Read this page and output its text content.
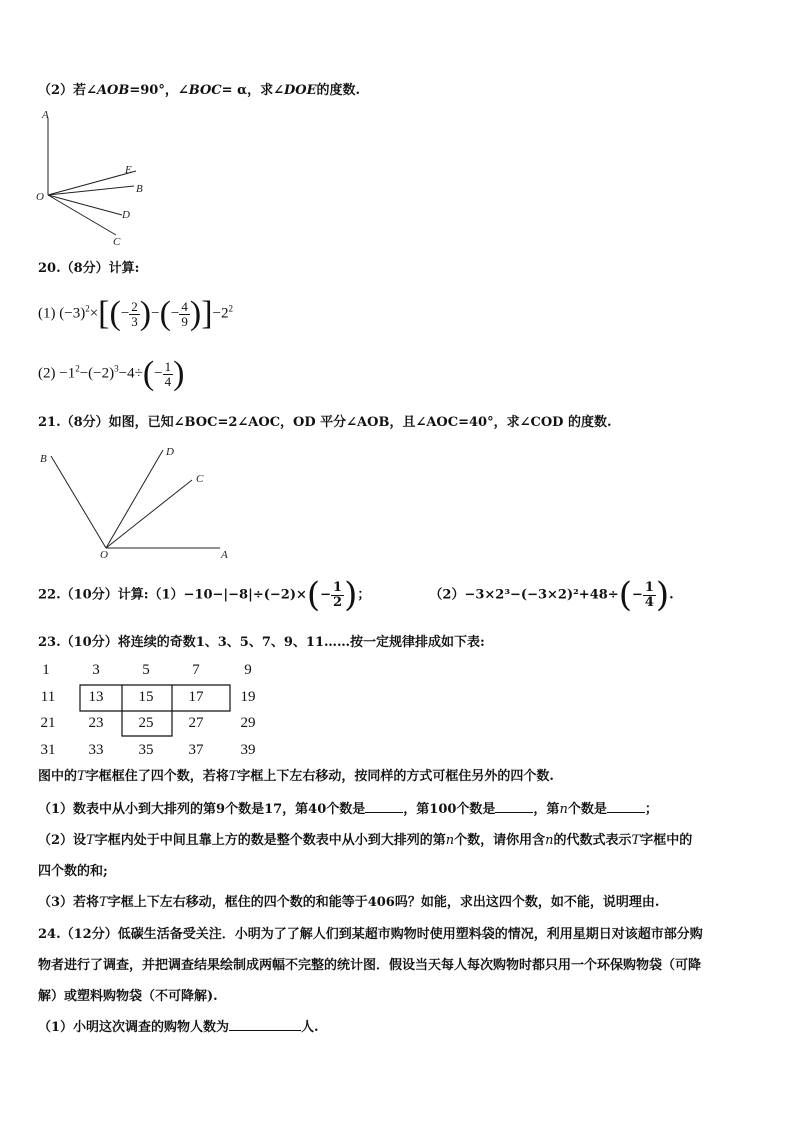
（2）若∠AOB=90°，∠BOC= α，求∠DOE的度数.
A
E
B
O
D
C
20.（8分）计算:
(1) $(-3)^2\times[(- \frac{2}{3}$ )−(− $\frac{4}{9} )]-2^2$
$(2) -1^2-(-2)^3-4\div(- \frac{1}{4}$ )
21.（8分）如图，已知∠BOC=2∠AOC，OD 平分∠AOB，且∠AOC=40°，求∠COD 的度数.
B
D
C
O	A
22.（10分）计算:（1）−10−|−8|÷(−2)×(− $\frac{1}{2}$ )；	$(2)-3\times 2^3-(-3\times 2)^2+48\div(- \frac{1}{4}$ ).
23.（10分）将连续的奇数1、3、5、7、9、11……按一定规律排成如下表:
1	3	5	7	9
11	13	15	17	19
21	23	25	27	29
31	33	35	37	39
图中的T字框框住了四个数，若将T字框上下左右移动，按同样的方式可框住另外的四个数.
（1）数表中从小到大排列的第9个数是17，第40个数是	，第100个数是	，第n个数是	；
（2）设T字框内处于中间且靠上方的数是整个数表中从小到大排列的第n个数，请你用含n的代数式表示T字框中的
四个数的和;
（3）若将T字框上下左右移动，框住的四个数的和能等于406吗？如能，求出这四个数，如不能，说明理由.
24.（12分）低碳生活备受关注．小明为了了解人们到某超市购物时使用塑料袋的情况，利用星期日对该超市部分购
物者进行了调查，并把调查结果绘制成两幅不完整的统计图．假设当天每人每次购物时都只用一个环保购物袋（可降
解）或塑料购物袋（不可降解).
（1）小明这次调查的购物人数为	人.
